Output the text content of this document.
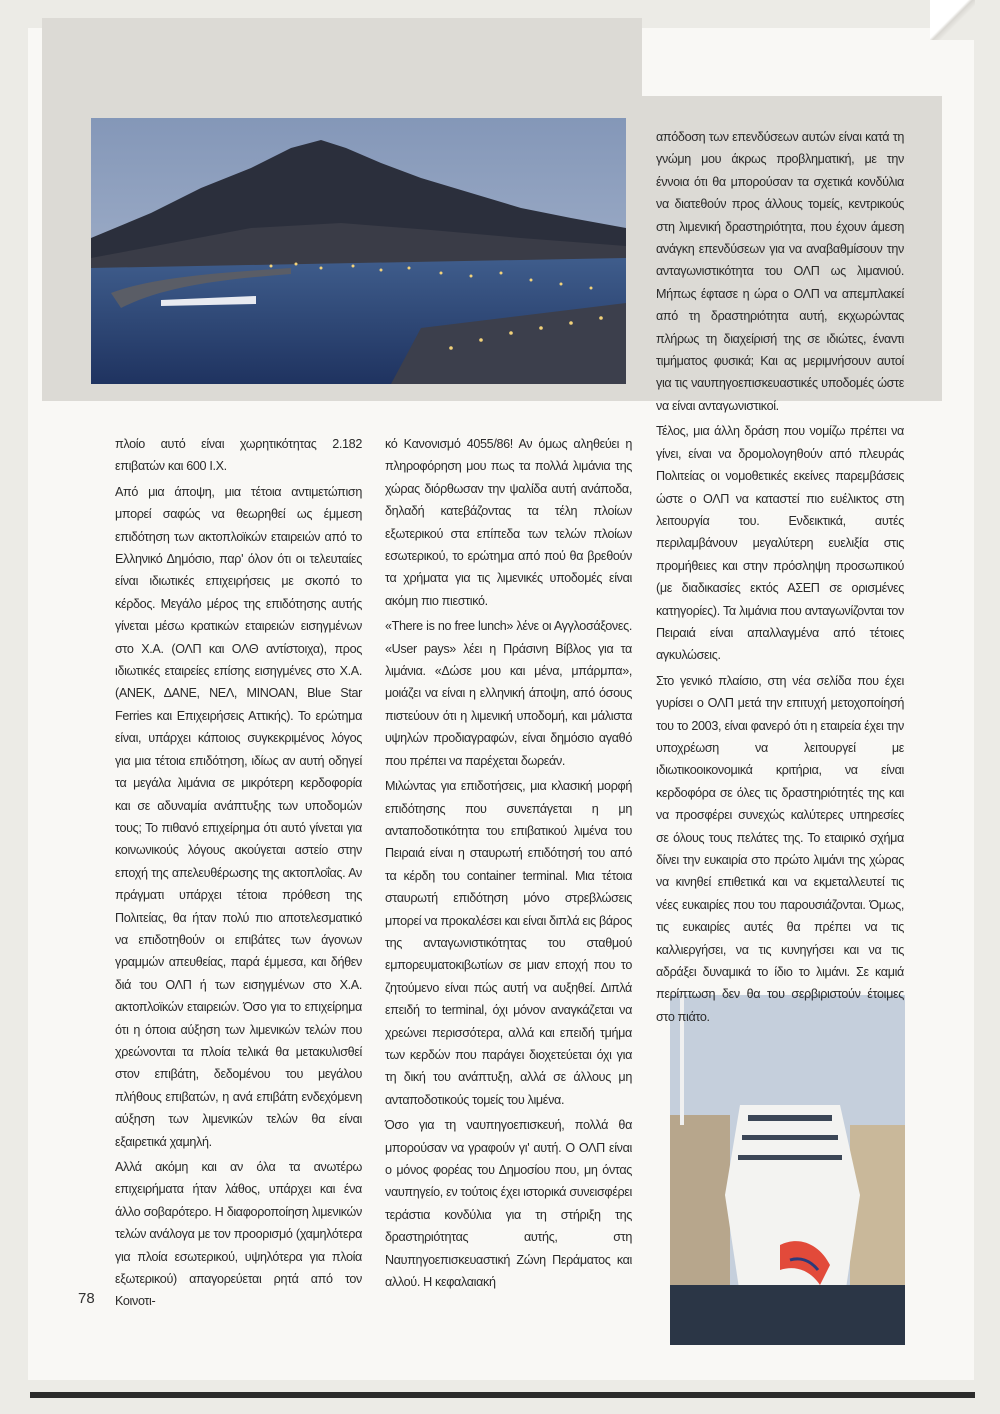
πλοίο αυτό είναι χωρητικότητας 2.182 επιβατών και 600 Ι.Χ.

Από μια άποψη, μια τέτοια αντιμετώπιση μπορεί σαφώς να θεωρηθεί ως έμμεση επιδότηση των ακτοπλοϊκών εταιρειών από το Ελληνικό Δημόσιο, παρ' όλον ότι οι τελευταίες είναι ιδιωτικές επιχειρήσεις με σκοπό το κέρδος. Μεγάλο μέρος της επιδότησης αυτής γίνεται μέσω κρατικών εταιρειών εισηγμένων στο Χ.Α. (ΟΛΠ και ΟΛΘ αντίστοιχα), προς ιδιωτικές εταιρείες επίσης εισηγμένες στο Χ.Α. (ΑΝΕΚ, ΔΑΝΕ, ΝΕΛ, ΜΙΝΟΑΝ, Blue Star Ferries και Επιχειρήσεις Αττικής). Το ερώτημα είναι, υπάρχει κάποιος συγκεκριμένος λόγος για μια τέτοια επιδότηση, ιδίως αν αυτή οδηγεί τα μεγάλα λιμάνια σε μικρότερη κερδοφορία και σε αδυναμία ανάπτυξης των υποδομών τους; Το πιθανό επιχείρημα ότι αυτό γίνεται για κοινωνικούς λόγους ακούγεται αστείο στην εποχή της απελευθέρωσης της ακτοπλοΐας. Αν πράγματι υπάρχει τέτοια πρόθεση της Πολιτείας, θα ήταν πολύ πιο αποτελεσματικό να επιδοτηθούν οι επιβάτες των άγονων γραμμών απευθείας, παρά έμμεσα, και δήθεν διά του ΟΛΠ ή των εισηγμένων στο Χ.Α. ακτοπλοϊκών εταιρειών. Όσο για το επιχείρημα ότι η όποια αύξηση των λιμενικών τελών που χρεώνονται τα πλοία τελικά θα μετακυλισθεί στον επιβάτη, δεδομένου του μεγάλου πλήθους επιβατών, η ανά επιβάτη ενδεχόμενη αύξηση των λιμενικών τελών θα είναι εξαιρετικά χαμηλή.

Αλλά ακόμη και αν όλα τα ανωτέρω επιχειρήματα ήταν λάθος, υπάρχει και ένα άλλο σοβαρότερο. Η διαφοροποίηση λιμενικών τελών ανάλογα με τον προορισμό (χαμηλότερα για πλοία εσωτερικού, υψηλότερα για πλοία εξωτερικού) απαγορεύεται ρητά από τον Κοινοτι-

κό Κανονισμό 4055/86! Αν όμως αληθεύει η πληροφόρηση μου πως τα πολλά λιμάνια της χώρας διόρθωσαν την ψαλίδα αυτή ανάποδα, δηλαδή κατεβάζοντας τα τέλη πλοίων εξωτερικού στα επίπεδα των τελών πλοίων εσωτερικού, το ερώτημα από πού θα βρεθούν τα χρήματα για τις λιμενικές υποδομές είναι ακόμη πιο πιεστικό.

«There is no free lunch» λένε οι Αγγλοσάξονες. «User pays» λέει η Πράσινη Βίβλος για τα λιμάνια. «Δώσε μου και μένα, μπάρμπα», μοιάζει να είναι η ελληνική άποψη, από όσους πιστεύουν ότι η λιμενική υποδομή, και μάλιστα υψηλών προδιαγραφών, είναι δημόσιο αγαθό που πρέπει να παρέχεται δωρεάν.

Μιλώντας για επιδοτήσεις, μια κλασική μορφή επιδότησης που συνεπάγεται η μη ανταποδοτικότητα του επιβατικού λιμένα του Πειραιά είναι η σταυρωτή επιδότησή του από τα κέρδη του container terminal. Μια τέτοια σταυρωτή επιδότηση μόνο στρεβλώσεις μπορεί να προκαλέσει και είναι διπλά εις βάρος της ανταγωνιστικότητας του σταθμού εμπορευματοκιβωτίων σε μιαν εποχή που το ζητούμενο είναι πώς αυτή να αυξηθεί. Διπλά επειδή το terminal, όχι μόνον αναγκάζεται να χρεώνει περισσότερα, αλλά και επειδή τμήμα των κερδών που παράγει διοχετεύεται όχι για τη δική του ανάπτυξη, αλλά σε άλλους μη ανταποδοτικούς τομείς του λιμένα.

Όσο για τη ναυπηγοεπισκευή, πολλά θα μπορούσαν να γραφούν γι' αυτή. Ο ΟΛΠ είναι ο μόνος φορέας του Δημοσίου που, μη όντας ναυπηγείο, εν τούτοις έχει ιστορικά συνεισφέρει τεράστια κονδύλια για τη στήριξη της δραστηριότητας αυτής, στη Ναυπηγοεπισκευαστική Ζώνη Περάματος και αλλού. Η κεφαλαιακή

απόδοση των επενδύσεων αυτών είναι κατά τη γνώμη μου άκρως προβληματική, με την έννοια ότι θα μπορούσαν τα σχετικά κονδύλια να διατεθούν προς άλλους τομείς, κεντρικούς στη λιμενική δραστηριότητα, που έχουν άμεση ανάγκη επενδύσεων για να αναβαθμίσουν την ανταγωνιστικότητα του ΟΛΠ ως λιμανιού. Μήπως έφτασε η ώρα ο ΟΛΠ να απεμπλακεί από τη δραστηριότητα αυτή, εκχωρώντας πλήρως τη διαχείρισή της σε ιδιώτες, έναντι τιμήματος φυσικά; Και ας μεριμνήσουν αυτοί για τις ναυπηγοεπισκευαστικές υποδομές ώστε να είναι ανταγωνιστικοί.

Τέλος, μια άλλη δράση που νομίζω πρέπει να γίνει, είναι να δρομολογηθούν από πλευράς Πολιτείας οι νομοθετικές εκείνες παρεμβάσεις ώστε ο ΟΛΠ να καταστεί πιο ευέλικτος στη λειτουργία του. Ενδεικτικά, αυτές περιλαμβάνουν μεγαλύτερη ευελιξία στις προμήθειες και στην πρόσληψη προσωπικού (με διαδικασίες εκτός ΑΣΕΠ σε ορισμένες κατηγορίες). Τα λιμάνια που ανταγωνίζονται τον Πειραιά είναι απαλλαγμένα από τέτοιες αγκυλώσεις.

Στο γενικό πλαίσιο, στη νέα σελίδα που έχει γυρίσει ο ΟΛΠ μετά την επιτυχή μετοχοποίησή του το 2003, είναι φανερό ότι η εταιρεία έχει την υποχρέωση να λειτουργεί με ιδιωτικοοικονομικά κριτήρια, να είναι κερδοφόρα σε όλες τις δραστηριότητές της και να προσφέρει συνεχώς καλύτερες υπηρεσίες σε όλους τους πελάτες της. Το εταιρικό σχήμα δίνει την ευκαιρία στο πρώτο λιμάνι της χώρας να κινηθεί επιθετικά και να εκμεταλλευτεί τις νέες ευκαιρίες που του παρουσιάζονται. Όμως, τις ευκαιρίες αυτές θα πρέπει να τις καλλιεργήσει, να τις κυνηγήσει και να τις αδράξει δυναμικά το ίδιο το λιμάνι. Σε καμιά περίπτωση δεν θα του σερβιριστούν έτοιμες στο πιάτο.

78
